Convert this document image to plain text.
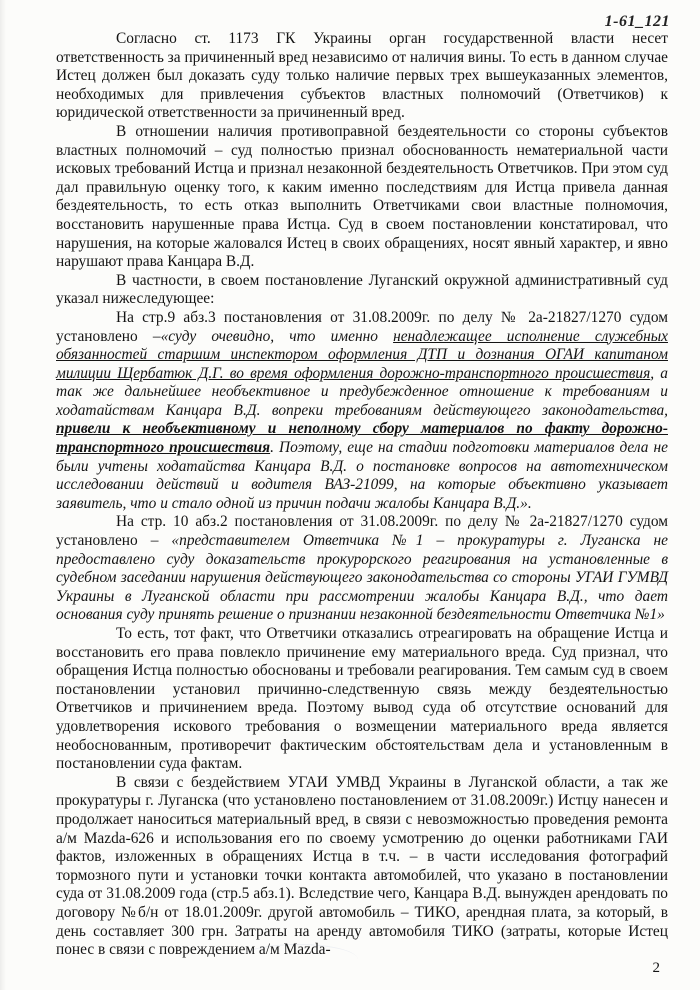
1-61_121

Согласно ст. 1173 ГК Украины орган государственной власти несет ответственность за причиненный вред независимо от наличия вины. То есть в данном случае Истец должен был доказать суду только наличие первых трех вышеуказанных элементов, необходимых для привлечения субъектов властных полномочий (Ответчиков) к юридической ответственности за причиненный вред.

В отношении наличия противоправной бездеятельности со стороны субъектов властных полномочий – суд полностью признал обоснованность нематериальной части исковых требований Истца и признал незаконной бездеятельность Ответчиков. При этом суд дал правильную оценку того, к каким именно последствиям для Истца привела данная бездеятельность, то есть отказ выполнить Ответчиками свои властные полномочия, восстановить нарушенные права Истца. Суд в своем постановлении констатировал, что нарушения, на которые жаловался Истец в своих обращениях, носят явный характер, и явно нарушают права Канцара В.Д.

В частности, в своем постановление Луганский окружной административный суд указал нижеследующее:

На стр.9 абз.3 постановления от 31.08.2009г. по делу № 2а-21827/1270 судом установлено –«суду очевидно, что именно ненадлежащее исполнение служебных обязанностей старшим инспектором оформления ДТП и дознания ОГАИ капитаном милиции Щербатюк Д.Г. во время оформления дорожно-транспортного происшествия, а так же дальнейшее необъективное и предубежденное отношение к требованиям и ходатайствам Канцара В.Д. вопреки требованиям действующего законодательства, привели к необъективному и неполному сбору материалов по факту дорожно-транспортного происшествия. Поэтому, еще на стадии подготовки материалов дела не были учтены ходатайства Канцара В.Д. о постановке вопросов на автотехническом исследовании действий и водителя ВАЗ-21099, на которые объективно указывает заявитель, что и стало одной из причин подачи жалобы Канцара В.Д.».

На стр. 10 абз.2 постановления от 31.08.2009г. по делу № 2а-21827/1270 судом установлено – «представителем Ответчика №1 – прокуратуры г. Луганска не предоставлено суду доказательств прокурорского реагирования на установленные в судебном заседании нарушения действующего законодательства со стороны УГАИ ГУМВД Украины в Луганской области при рассмотрении жалобы Канцара В.Д., что дает основания суду принять решение о признании незаконной бездеятельности Ответчика №1»

То есть, тот факт, что Ответчики отказались отреагировать на обращение Истца и восстановить его права повлекло причинение ему материального вреда. Суд признал, что обращения Истца полностью обоснованы и требовали реагирования. Тем самым суд в своем постановлении установил причинно-следственную связь между бездеятельностью Ответчиков и причинением вреда. Поэтому вывод суда об отсутствие оснований для удовлетворения искового требования о возмещении материального вреда является необоснованным, противоречит фактическим обстоятельствам дела и установленным в постановлении суда фактам.

В связи с бездействием УГАИ УМВД Украины в Луганской области, а так же прокуратуры г. Луганска (что установлено постановлением от 31.08.2009г.) Истцу нанесен и продолжает наноситься материальный вред, в связи с невозможностью проведения ремонта а/м Mazda-626 и использования его по своему усмотрению до оценки работниками ГАИ фактов, изложенных в обращениях Истца в т.ч. – в части исследования фотографий тормозного пути и установки точки контакта автомобилей, что указано в постановлении суда от 31.08.2009 года (стр.5 абз.1). Вследствие чего, Канцара В.Д. вынужден арендовать по договору №б/н от 18.01.2009г. другой автомобиль – ТИКО, арендная плата, за который, в день составляет 300 грн. Затраты на аренду автомобиля ТИКО (затраты, которые Истец понес в связи с повреждением а/м Mazda-

2
